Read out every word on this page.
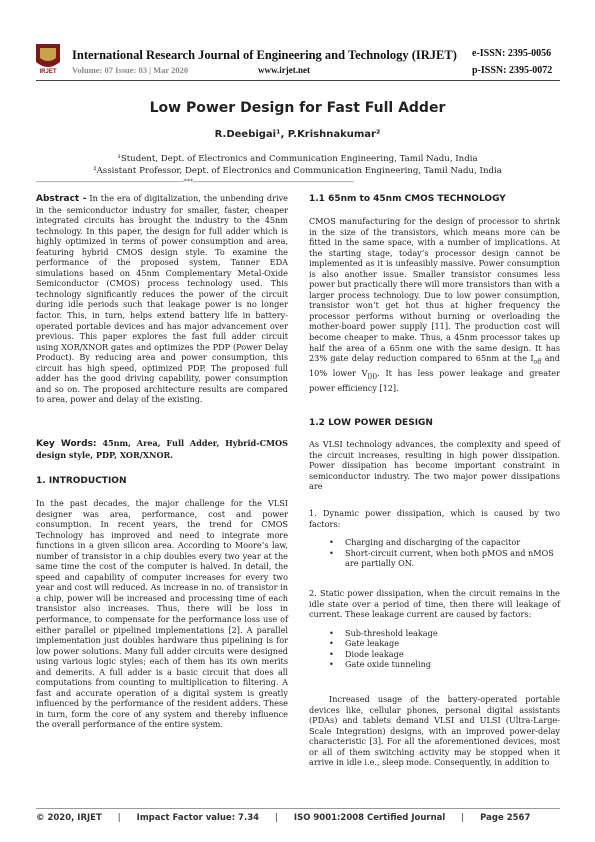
IRJET
International Research Journal of Engineering and Technology (IRJET) e-ISSN: 2395-0056
Volume: 07 Issue: 03 | Mar 2020	www.irjet.net	p-ISSN: 2395-0072
Low Power Design for Fast Full Adder
R.Deebigai¹, P.Krishnakumar²
¹Student, Dept. of Electronics and Communication Engineering, Tamil Nadu, India
²Assistant Professor, Dept. of Electronics and Communication Engineering, Tamil Nadu, India
---------------------------------------------------------------------------***----------------------------------------------------------------------------------

Abstract - In the era of digitalization, the unbending drive in the semiconductor industry for smaller, faster, cheaper integrated circuits has brought the industry to the 45nm technology. In this paper, the design for full adder which is highly optimized in terms of power consumption and area, featuring hybrid CMOS design style. To examine the performance of the proposed system, Tanner EDA simulations based on 45nm Complementary Metal-Oxide Semiconductor (CMOS) process technology used. This technology significantly reduces the power of the circuit during idle periods such that leakage power is no longer factor. This, in turn, helps extend battery life in battery-operated portable devices and has major advancement over previous. This paper explores the fast full adder circuit using XOR/XNOR gates and optimizes the PDP (Power Delay Product). By reducing area and power consumption, this circuit has high speed, optimized PDP. The proposed full adder has the good driving capability, power consumption and so on. The proposed architecture results are compared to area, power and delay of the existing.

Key Words: 45nm, Area, Full Adder, Hybrid-CMOS design style, PDP, XOR/XNOR.

1. INTRODUCTION

In the past decades, the major challenge for the VLSI designer was area, performance, cost and power consumption. In recent years, the trend for CMOS Technology has improved and need to integrate more functions in a given silicon area. According to Moore’s law, number of transistor in a chip doubles every two year at the same time the cost of the computer is halved. In detail, the speed and capability of computer increases for every two year and cost will reduced. As increase in no. of transistor in a chip, power will be increased and processing time of each transistor also increases. Thus, there will be loss in performance, to compensate for the performance loss use of either parallel or pipelined implementations [2]. A parallel implementation just doubles hardware thus pipelining is for low power solutions. Many full adder circuits were designed using various logic styles; each of them has its own merits and demerits. A full adder is a basic circuit that does all computations from counting to multiplication to filtering. A fast and accurate operation of a digital system is greatly influenced by the performance of the resident adders. These in turn, form the core of any system and thereby influence the overall performance of the entire system.

1.1 65nm to 45nm CMOS TECHNOLOGY

CMOS manufacturing for the design of processor to shrink in the size of the transistors, which means more can be fitted in the same space, with a number of implications. At the starting stage, today’s processor design cannot be implemented as it is unfeasibly massive. Power consumption is also another issue. Smaller transistor consumes less power but practically there will more transistors than with a larger process technology. Due to low power consumption, transistor won’t get hot thus at higher frequency the processor performs without burning or overloading the mother-board power supply [11]. The production cost will become cheaper to make. Thus, a 45nm processor takes up half the area of a 65nm one with the same design. It has 23% gate delay reduction compared to 65nm at the $I_{off}$ and 10% lower $V_{DD}$. It has less power leakage and greater power efficiency [12].

1.2 LOW POWER DESIGN

As VLSI technology advances, the complexity and speed of the circuit increases, resulting in high power dissipation. Power dissipation has become important constraint in semiconductor industry. The two major power dissipations are

1. Dynamic power dissipation, which is caused by two factors:

• Charging and discharging of the capacitor
• Short-circuit current, when both pMOS and nMOS are partially ON.

2. Static power dissipation, when the circuit remains in the idle state over a period of time, then there will leakage of current. These leakage current are caused by factors:

• Sub-threshold leakage
• Gate leakage
• Diode leakage
• Gate oxide tunneling

Increased usage of the battery-operated portable devices like, cellular phones, personal digital assistants (PDAs) and tablets demand VLSI and ULSI (Ultra-Large-Scale Integration) designs, with an improved power-delay characteristic [3]. For all the aforementioned devices, most or all of them switching activity may be stopped when it arrive in idle i.e., sleep mode. Consequently, in addition to

© 2020, IRJET | Impact Factor value: 7.34 | ISO 9001:2008 Certified Journal | Page 2567
